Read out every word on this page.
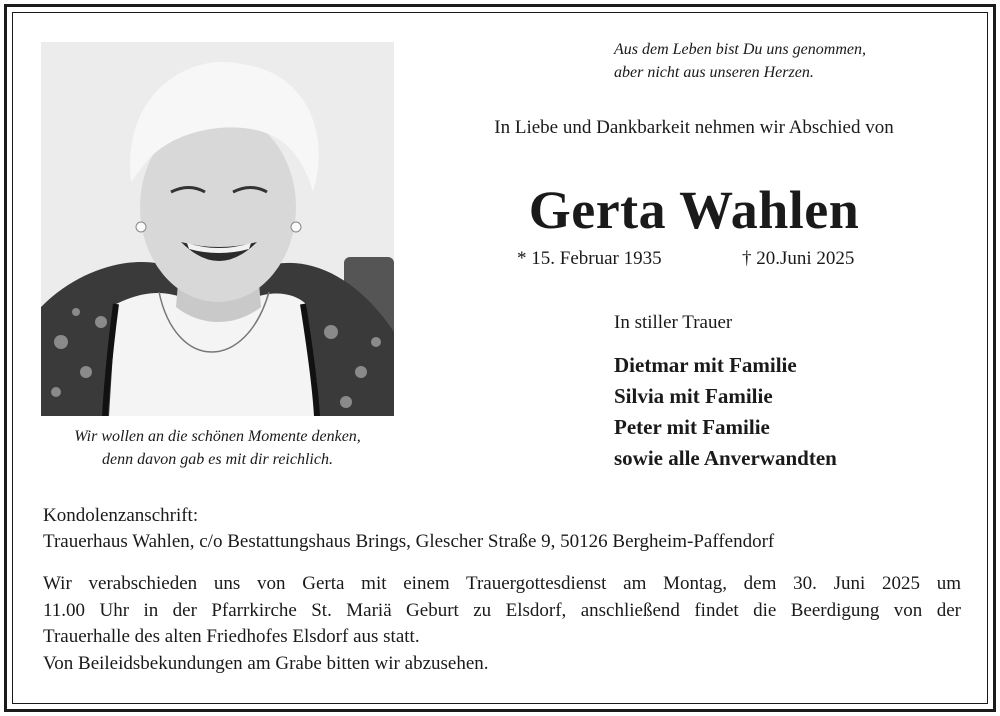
Wir wollen an die schönen Momente denken,
denn davon gab es mit dir reichlich.
Aus dem Leben bist Du uns genommen,
aber nicht aus unseren Herzen.
In Liebe und Dankbarkeit nehmen wir Abschied von
Gerta Wahlen
* 15. Februar 1935	† 20.Juni 2025
In stiller Trauer
Dietmar mit Familie
Silvia mit Familie
Peter mit Familie
sowie alle Anverwandten
Kondolenzanschrift:
Trauerhaus Wahlen, c/o Bestattungshaus Brings, Glescher Straße 9, 50126 Bergheim-Paffendorf
Wir verabschieden uns von Gerta mit einem Trauergottesdienst am Montag, dem 30. Juni 2025 um
11.00 Uhr in der Pfarrkirche St. Mariä Geburt zu Elsdorf, anschließend findet die Beerdigung von der
Trauerhalle des alten Friedhofes Elsdorf aus statt.
Von Beileidsbekundungen am Grabe bitten wir abzusehen.
